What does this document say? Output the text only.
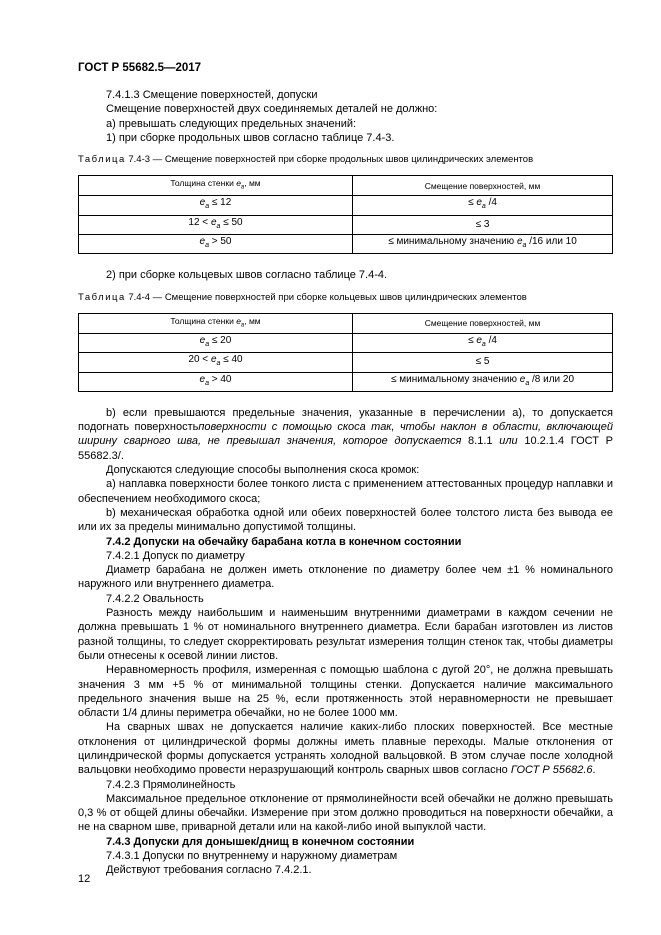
ГОСТ Р 55682.5—2017

7.4.1.3 Смещение поверхностей, допуски

Смещение поверхностей двух соединяемых деталей не должно:

а) превышать следующих предельных значений:

1) при сборке продольных швов согласно таблице 7.4-3.

Таблица 7.4-3 — Смещение поверхностей при сборке продольных швов цилиндрических элементов

Толщина стенки $e_a$, мм	Смещение поверхностей, мм
$e_a \le 12$	≤ $e_a$ /4
$12 < e_a \le 50$	≤ 3
$e_a > 50$	≤ минимальному значению $e_a$ /16 или 10

2) при сборке кольцевых швов согласно таблице 7.4-4.

Таблица 7.4-4 — Смещение поверхностей при сборке кольцевых швов цилиндрических элементов

Толщина стенки $e_a$, мм	Смещение поверхностей, мм
$e_a \le 20$	≤ $e_a$ /4
$20 < e_a \le 40$	≤ 5
$e_a > 40$	≤ минимальному значению $e_a$ /8 или 20

b) если превышаются предельные значения, указанные в перечислении а), то допускается подогнать поверхностьповерхности с помощью скоса так, чтобы наклон в области, включающей ширину сварного шва, не превышал значения, которое допускается 8.1.1 или 10.2.1.4 ГОСТ Р 55682.3/.

Допускаются следующие способы выполнения скоса кромок:

а) наплавка поверхности более тонкого листа с применением аттестованных процедур наплавки и обеспечением необходимого скоса;

b) механическая обработка одной или обеих поверхностей более толстого листа без вывода ее или их за пределы минимально допустимой толщины.

7.4.2 Допуски на обечайку барабана котла в конечном состоянии

7.4.2.1 Допуск по диаметру

Диаметр барабана не должен иметь отклонение по диаметру более чем ±1 % номинального наружного или внутреннего диаметра.

7.4.2.2 Овальность

Разность между наибольшим и наименьшим внутренними диаметрами в каждом сечении не должна превышать 1 % от номинального внутреннего диаметра. Если барабан изготовлен из листов разной толщины, то следует скорректировать результат измерения толщин стенок так, чтобы диаметры были отнесены к осевой линии листов.

Неравномерность профиля, измеренная с помощью шаблона с дугой 20°, не должна превышать значения 3 мм +5 % от минимальной толщины стенки. Допускается наличие максимального предельного значения выше на 25 %, если протяженность этой неравномерности не превышает области 1/4 длины периметра обечайки, но не более 1000 мм.

На сварных швах не допускается наличие каких-либо плоских поверхностей. Все местные отклонения от цилиндрической формы должны иметь плавные переходы. Малые отклонения от цилиндрической формы допускается устранять холодной вальцовкой. В этом случае после холодной вальцовки необходимо провести неразрушающий контроль сварных швов согласно ГОСТ Р 55682.6.

7.4.2.3 Прямолинейность

Максимальное предельное отклонение от прямолинейности всей обечайки не должно превышать 0,3 % от общей длины обечайки. Измерение при этом должно проводиться на поверхности обечайки, а не на сварном шве, приварной детали или на какой-либо иной выпуклой части.

7.4.3 Допуски для донышек/днищ в конечном состоянии

7.4.3.1 Допуски по внутреннему и наружному диаметрам

Действуют требования согласно 7.4.2.1.

12
